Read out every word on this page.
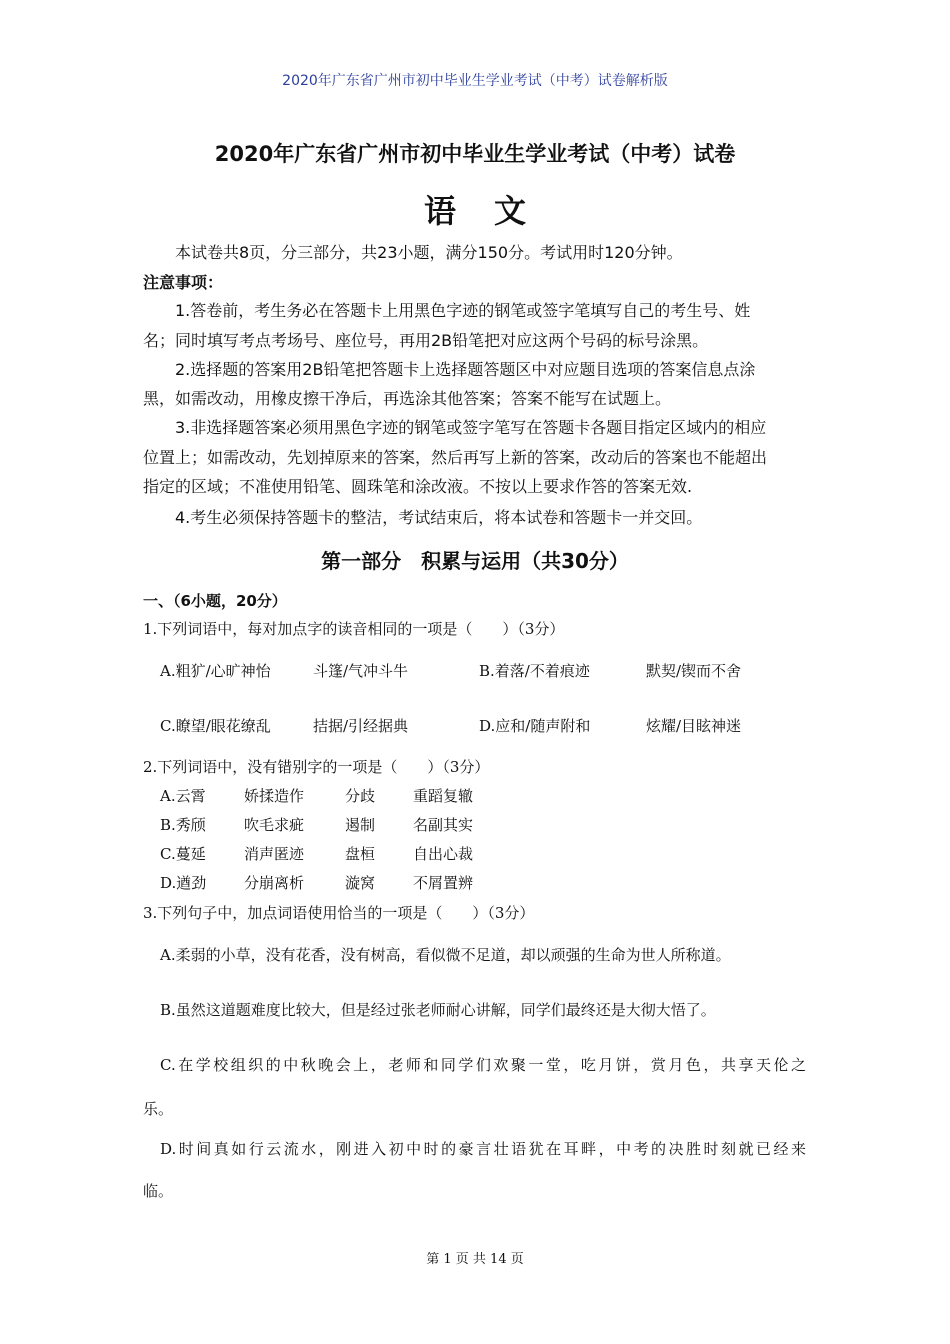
2020年广东省广州市初中毕业生学业考试（中考）试卷解析版
2020年广东省广州市初中毕业生学业考试（中考）试卷
语文
本试卷共8页，分三部分，共23小题，满分150分。考试用时120分钟。
注意事项：
1.答卷前，考生务必在答题卡上用黑色字迹的钢笔或签字笔填写自己的考生号、姓
名；同时填写考点考场号、座位号，再用2B铅笔把对应这两个号码的标号涂黑。
2.选择题的答案用2B铅笔把答题卡上选择题答题区中对应题目选项的答案信息点涂
黑，如需改动，用橡皮擦干净后，再选涂其他答案；答案不能写在试题上。
3.非选择题答案必须用黑色字迹的钢笔或签字笔写在答题卡各题目指定区域内的相应
位置上；如需改动，先划掉原来的答案，然后再写上新的答案，改动后的答案也不能超出
指定的区域；不准使用铅笔、圆珠笔和涂改液。不按以上要求作答的答案无效.
4.考生必须保持答题卡的整洁，考试结束后，将本试卷和答题卡一并交回。
第一部分　积累与运用（共30分）
一、（6小题，20分）
1.下列词语中，每对加点字的读音相同的一项是（　　）（3分）
A.粗犷/心旷神怡	斗篷/气冲斗牛	B.着落/不着痕迹	默契/锲而不舍
C.瞭望/眼花缭乱	拮据/引经据典	D.应和/随声附和	炫耀/目眩神迷
2.下列词语中，没有错别字的一项是（　　）（3分）
A.云霄	娇揉造作	分歧	重蹈复辙
B.秀颀	吹毛求疵	遏制	名副其实
C.蔓延	消声匿迹	盘桓	自出心裁
D.遒劲	分崩离析	漩窝	不屑置辨
3.下列句子中，加点词语使用恰当的一项是（　　）（3分）
A.柔弱的小草，没有花香，没有树高，看似微不足道，却以顽强的生命为世人所称道。
B.虽然这道题难度比较大，但是经过张老师耐心讲解，同学们最终还是大彻大悟了。
C.在学校组织的中秋晚会上，老师和同学们欢聚一堂，吃月饼，赏月色，共享天伦之
乐。
D.时间真如行云流水，刚进入初中时的豪言壮语犹在耳畔，中考的决胜时刻就已经来
临。
第 1 页 共 14 页
